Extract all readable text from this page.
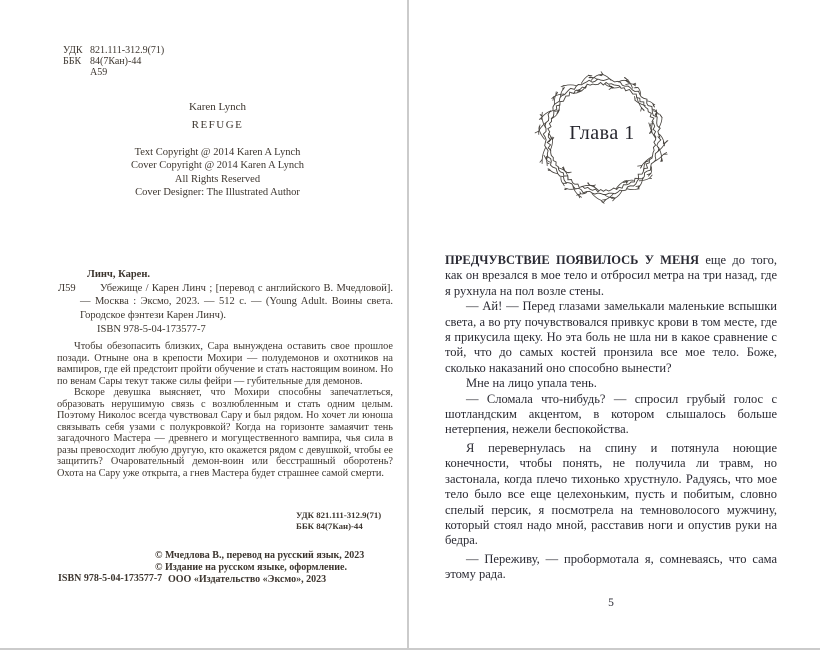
УДК 821.111-312.9(71)
ББК 84(7Кан)-44
А59
Karen Lynch
REFUGE
Text Copyright @ 2014 Karen A Lynch
Cover Copyright @ 2014 Karen A Lynch
All Rights Reserved
Cover Designer: The Illustrated Author
Линч, Карен.
Л59	Убежище / Карен Линч ; [перевод с английского В. Мчедловой]. — Москва : Эксмо, 2023. — 512 с. — (Young Adult. Воины света. Городское фэнтези Карен Линч).

ISBN 978-5-04-173577-7

Чтобы обезопасить близких, Сара вынуждена оставить свое прошлое позади. Отныне она в крепости Мохири — полудемонов и охотников на вампиров, где ей предстоит пройти обучение и стать настоящим воином. Но по венам Сары текут также силы фейри — губительные для демонов.

Вскоре девушка выясняет, что Мохири способны запечатлеться, образовать нерушимую связь с возлюбленным и стать одним целым. Поэтому Николос всегда чувствовал Сару и был рядом. Но хочет ли юноша связывать себя узами с полукровкой? Когда на горизонте замаячит тень загадочного Мастера — древнего и могущественного вампира, чья сила в разы превосходит любую другую, кто окажется рядом с девушкой, чтобы ее защитить? Очаровательный демон-воин или бесстрашный оборотень? Охота на Сару уже открыта, а гнев Мастера будет страшнее самой смерти.

УДК 821.111-312.9(71)
ББК 84(7Кан)-44
ISBN 978-5-04-173577-7
© Мчедлова В., перевод на русский язык, 2023
© Издание на русском языке, оформление.
ООО «Издательство «Эксмо», 2023
Глава 1

ПРЕДЧУВСТВИЕ ПОЯВИЛОСЬ У МЕНЯ еще до того, как он врезался в мое тело и отбросил метра на три назад, где я рухнула на пол возле стены.

— Ай! — Перед глазами замелькали маленькие вспышки света, а во рту почувствовался привкус крови в том месте, где я прикусила щеку. Но эта боль не шла ни в какое сравнение с той, что до самых костей пронзила все мое тело. Боже, сколько наказаний оно способно вынести?

Мне на лицо упала тень.

— Сломала что-нибудь? — спросил грубый голос с шотландским акцентом, в котором слышалось больше нетерпения, нежели беспокойства.

Я перевернулась на спину и потянула ноющие конечности, чтобы понять, не получила ли травм, но застонала, когда плечо тихонько хрустнуло. Радуясь, что мое тело было все еще целехоньким, пусть и побитым, словно спелый персик, я посмотрела на темноволосого мужчину, который стоял надо мной, расставив ноги и опустив руки на бедра.

— Переживу, — пробормотала я, сомневаясь, что сама этому рада.

5
